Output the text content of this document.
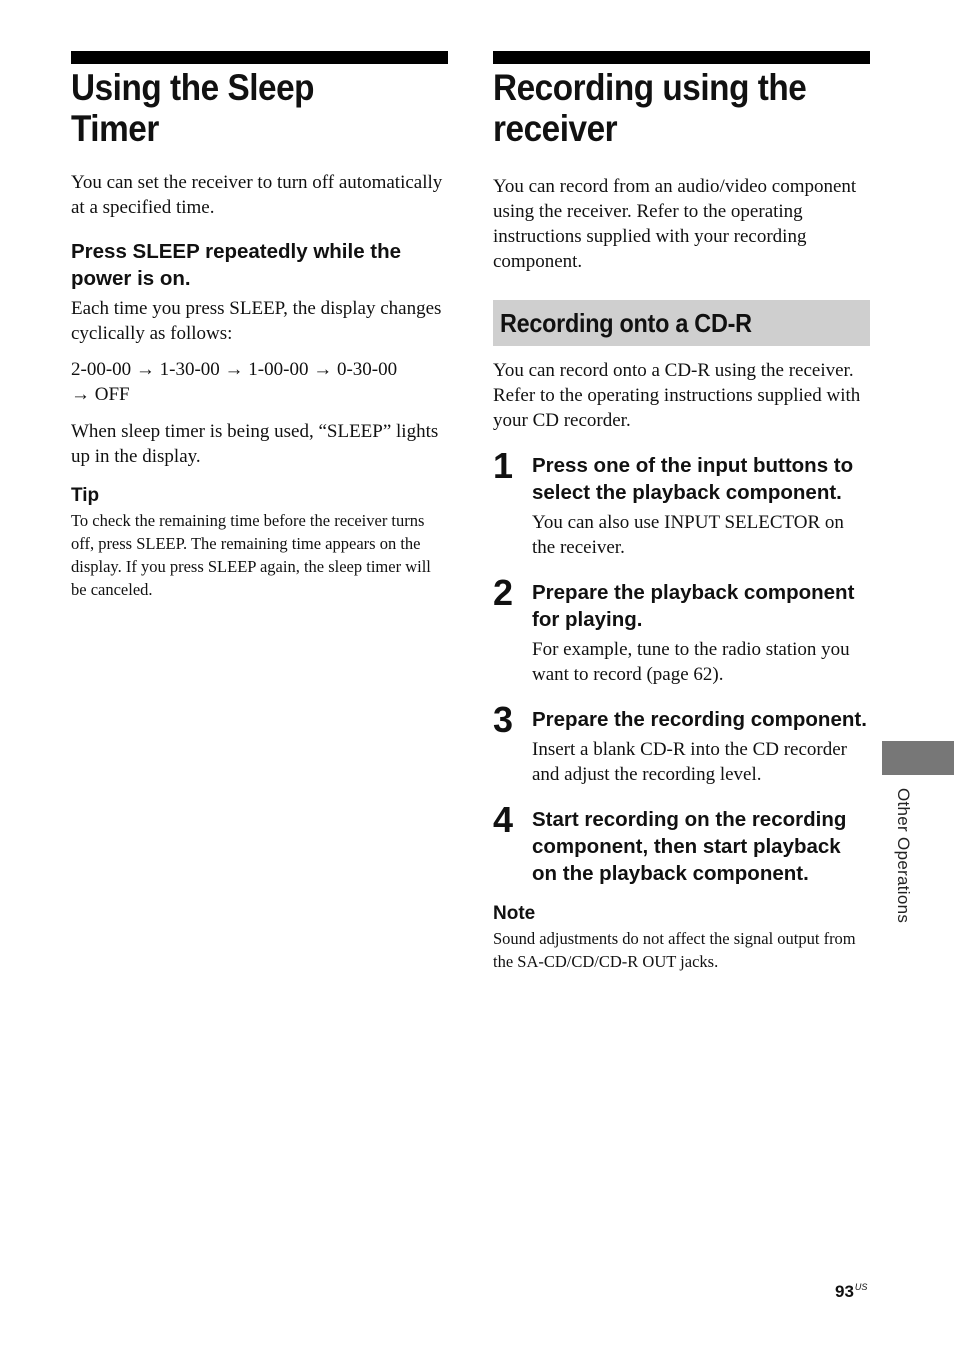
Using the Sleep Timer

You can set the receiver to turn off automatically at a specified time.

Press SLEEP repeatedly while the power is on.

Each time you press SLEEP, the display changes cyclically as follows:

2-00-00 → 1-30-00 → 1-00-00 → 0-30-00

→ OFF

When sleep timer is being used, “SLEEP” lights up in the display.

Tip

To check the remaining time before the receiver turns off, press SLEEP. The remaining time appears on the display. If you press SLEEP again, the sleep timer will be canceled.

Recording using the receiver

You can record from an audio/video component using the receiver. Refer to the operating instructions supplied with your recording component.

Recording onto a CD-R

You can record onto a CD-R using the receiver. Refer to the operating instructions supplied with your CD recorder.

1 Press one of the input buttons to select the playback component.

You can also use INPUT SELECTOR on the receiver.

2 Prepare the playback component for playing.

For example, tune to the radio station you want to record (page 62).

3 Prepare the recording component.

Insert a blank CD-R into the CD recorder and adjust the recording level.

4 Start recording on the recording component, then start playback on the playback component.

Note

Sound adjustments do not affect the signal output from the SA-CD/CD/CD-R OUT jacks.

Other Operations
$93^{US}$
